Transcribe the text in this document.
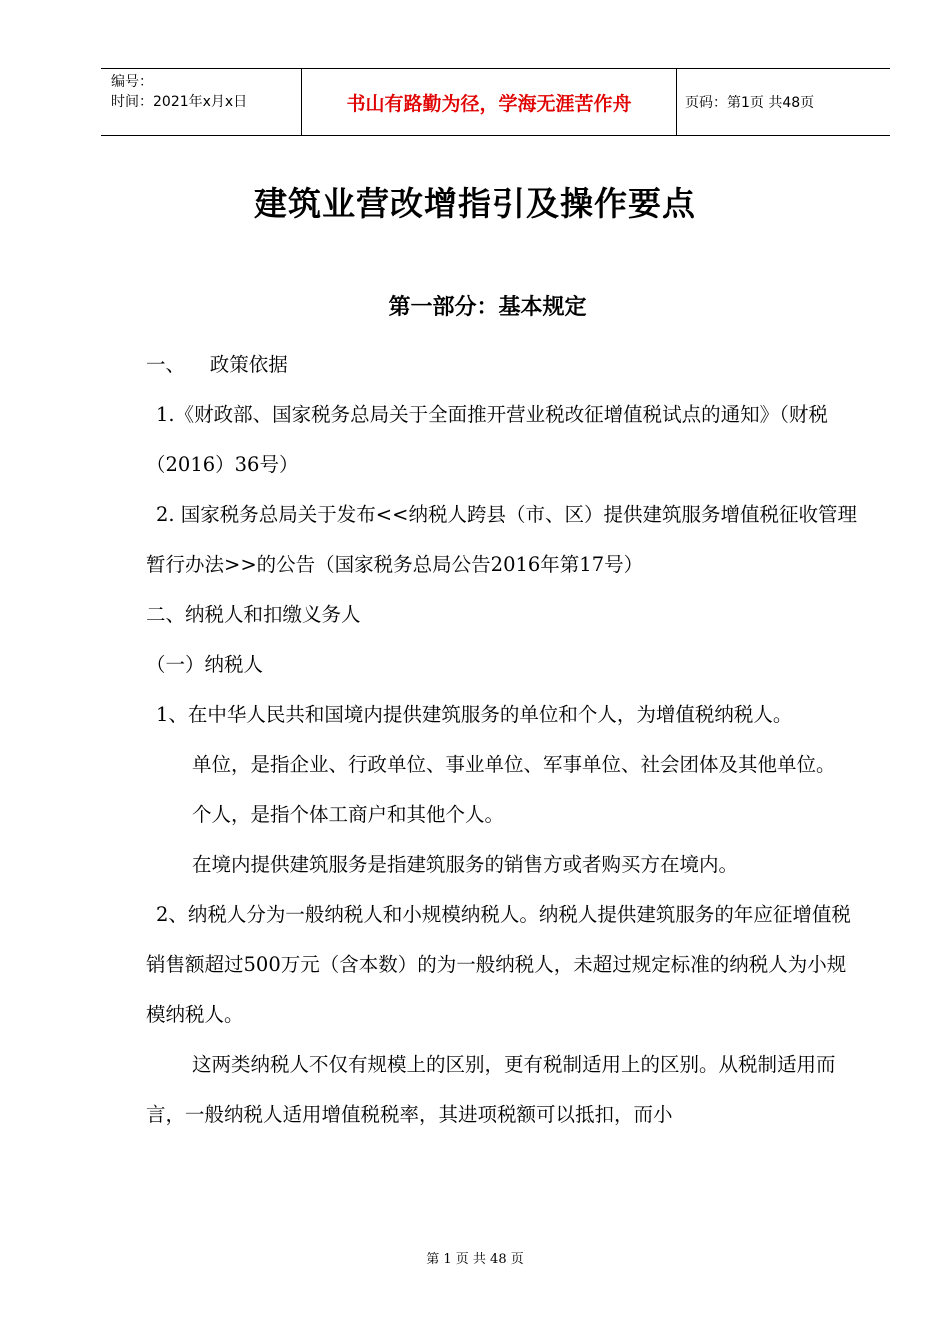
编号：
时间：2021年x月x日	书山有路勤为径，学海无涯苦作舟	页码：第1页 共48页
建筑业营改增指引及操作要点
第一部分：基本规定

一、    政策依据

1.《财政部、国家税务总局关于全面推开营业税改征增值税试点的通知》（财税（2016）36号）

2. 国家税务总局关于发布<<纳税人跨县（市、区）提供建筑服务增值税征收管理暂行办法>>的公告（国家税务总局公告2016年第17号）

二、纳税人和扣缴义务人

（一）纳税人

1、在中华人民共和国境内提供建筑服务的单位和个人，为增值税纳税人。

单位，是指企业、行政单位、事业单位、军事单位、社会团体及其他单位。

个人，是指个体工商户和其他个人。

在境内提供建筑服务是指建筑服务的销售方或者购买方在境内。

2、纳税人分为一般纳税人和小规模纳税人。纳税人提供建筑服务的年应征增值税销售额超过500万元（含本数）的为一般纳税人，未超过规定标准的纳税人为小规模纳税人。

这两类纳税人不仅有规模上的区别，更有税制适用上的区别。从税制适用而言，一般纳税人适用增值税税率，其进项税额可以抵扣，而小

第 1 页 共 48 页
